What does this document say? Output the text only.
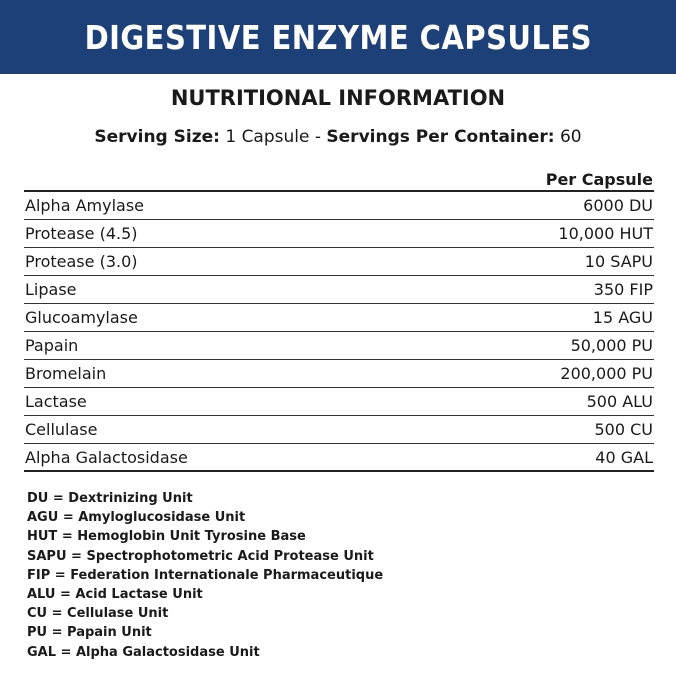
DIGESTIVE ENZYME CAPSULES
NUTRITIONAL INFORMATION
Serving Size: 1 Capsule - Servings Per Container: 60
Per Capsule
Alpha Amylase	6000 DU
Protease (4.5)	10,000 HUT
Protease (3.0)	10 SAPU
Lipase	350 FIP
Glucoamylase	15 AGU
Papain	50,000 PU
Bromelain	200,000 PU
Lactase	500 ALU
Cellulase	500 CU
Alpha Galactosidase	40 GAL
DU = Dextrinizing Unit
AGU = Amyloglucosidase Unit
HUT = Hemoglobin Unit Tyrosine Base
SAPU = Spectrophotometric Acid Protease Unit
FIP = Federation Internationale Pharmaceutique
ALU = Acid Lactase Unit
CU = Cellulase Unit
PU = Papain Unit
GAL = Alpha Galactosidase Unit
